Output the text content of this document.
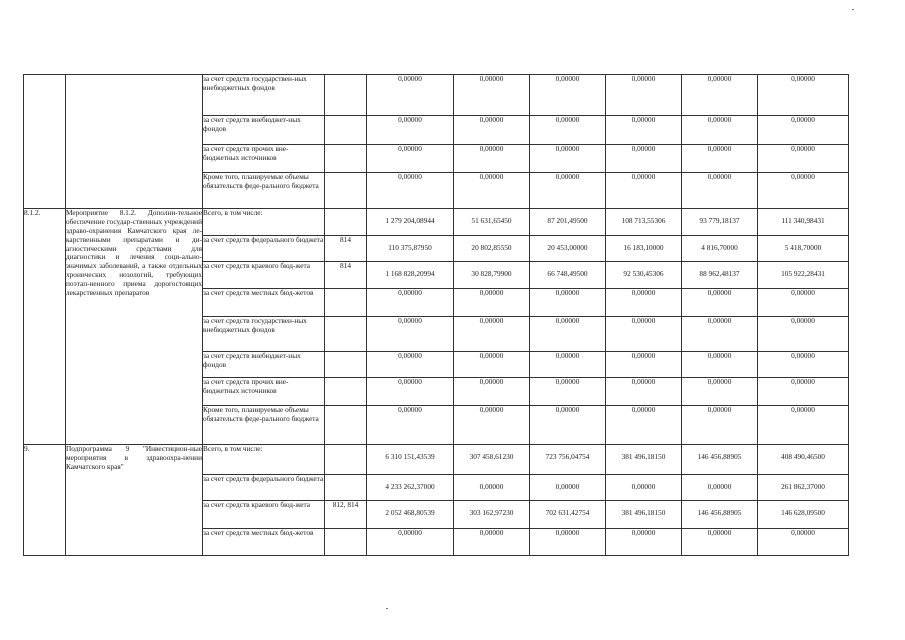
		за счет средств государствен-ных внебюджетных фондов		0,00000	0,00000	0,00000	0,00000	0,00000	0,00000
		за счет средств внебюджет-ных фондов		0,00000	0,00000	0,00000	0,00000	0,00000	0,00000
		за счет средств прочих вне-бюджетных источников		0,00000	0,00000	0,00000	0,00000	0,00000	0,00000
		Кроме того, планируемые объемы обязательств феде-рального бюджета		0,00000	0,00000	0,00000	0,00000	0,00000	0,00000
8.1.2.	Мероприятие 8.1.2. Дополни-тельное обеспечение государ-ственных учреждений здраво-охранения Камчатского края ле-карственными препаратами и ди-агностическими средствами для диагностики и лечения соци-ально-значимых заболеваний, а также отдельных хронических нозологий, требующих поэтап-ненного приема дорогостоящих лекарственных препаратов	Всего, в том числе:		1 279 204,08944	51 631,65450	87 201,49500	108 713,55306	93 779,18137	111 340,98431
		за счет средств федерального бюджета	814	110 375,87950	20 802,85550	20 453,00000	16 183,10000	4 816,70000	5 418,70000
		за счет средств краевого бюд-жета	814	1 168 828,20994	30 828,79900	66 748,49500	92 530,45306	88 962,48137	105 922,28431
		за счет средств местных бюд-жетов		0,00000	0,00000	0,00000	0,00000	0,00000	0,00000
		за счет средств государствен-ных внебюджетных фондов		0,00000	0,00000	0,00000	0,00000	0,00000	0,00000
		за счет средств внебюджет-ных фондов		0,00000	0,00000	0,00000	0,00000	0,00000	0,00000
		за счет средств прочих вне-бюджетных источников		0,00000	0,00000	0,00000	0,00000	0,00000	0,00000
		Кроме того, планируемые объемы обязательств феде-рального бюджета		0,00000	0,00000	0,00000	0,00000	0,00000	0,00000
9.	Подпрограмма 9 "Инвестицион-ные мероприятия в здравоохра-нении Камчатского края"	Всего, в том числе:		6 310 151,43539	307 458,61230	723 756,04754	381 496,18150	146 456,88905	408 490,46500
		за счет средств федерального бюджета		4 233 262,37000	0,00000	0,00000	0,00000	0,00000	261 862,37000
		за счет средств краевого бюд-жета	812, 814	2 052 468,80539	303 162,97230	702 631,42754	381 496,18150	146 456,88905	146 628,09500
		за счет средств местных бюд-жетов		0,00000	0,00000	0,00000	0,00000	0,00000	0,00000
